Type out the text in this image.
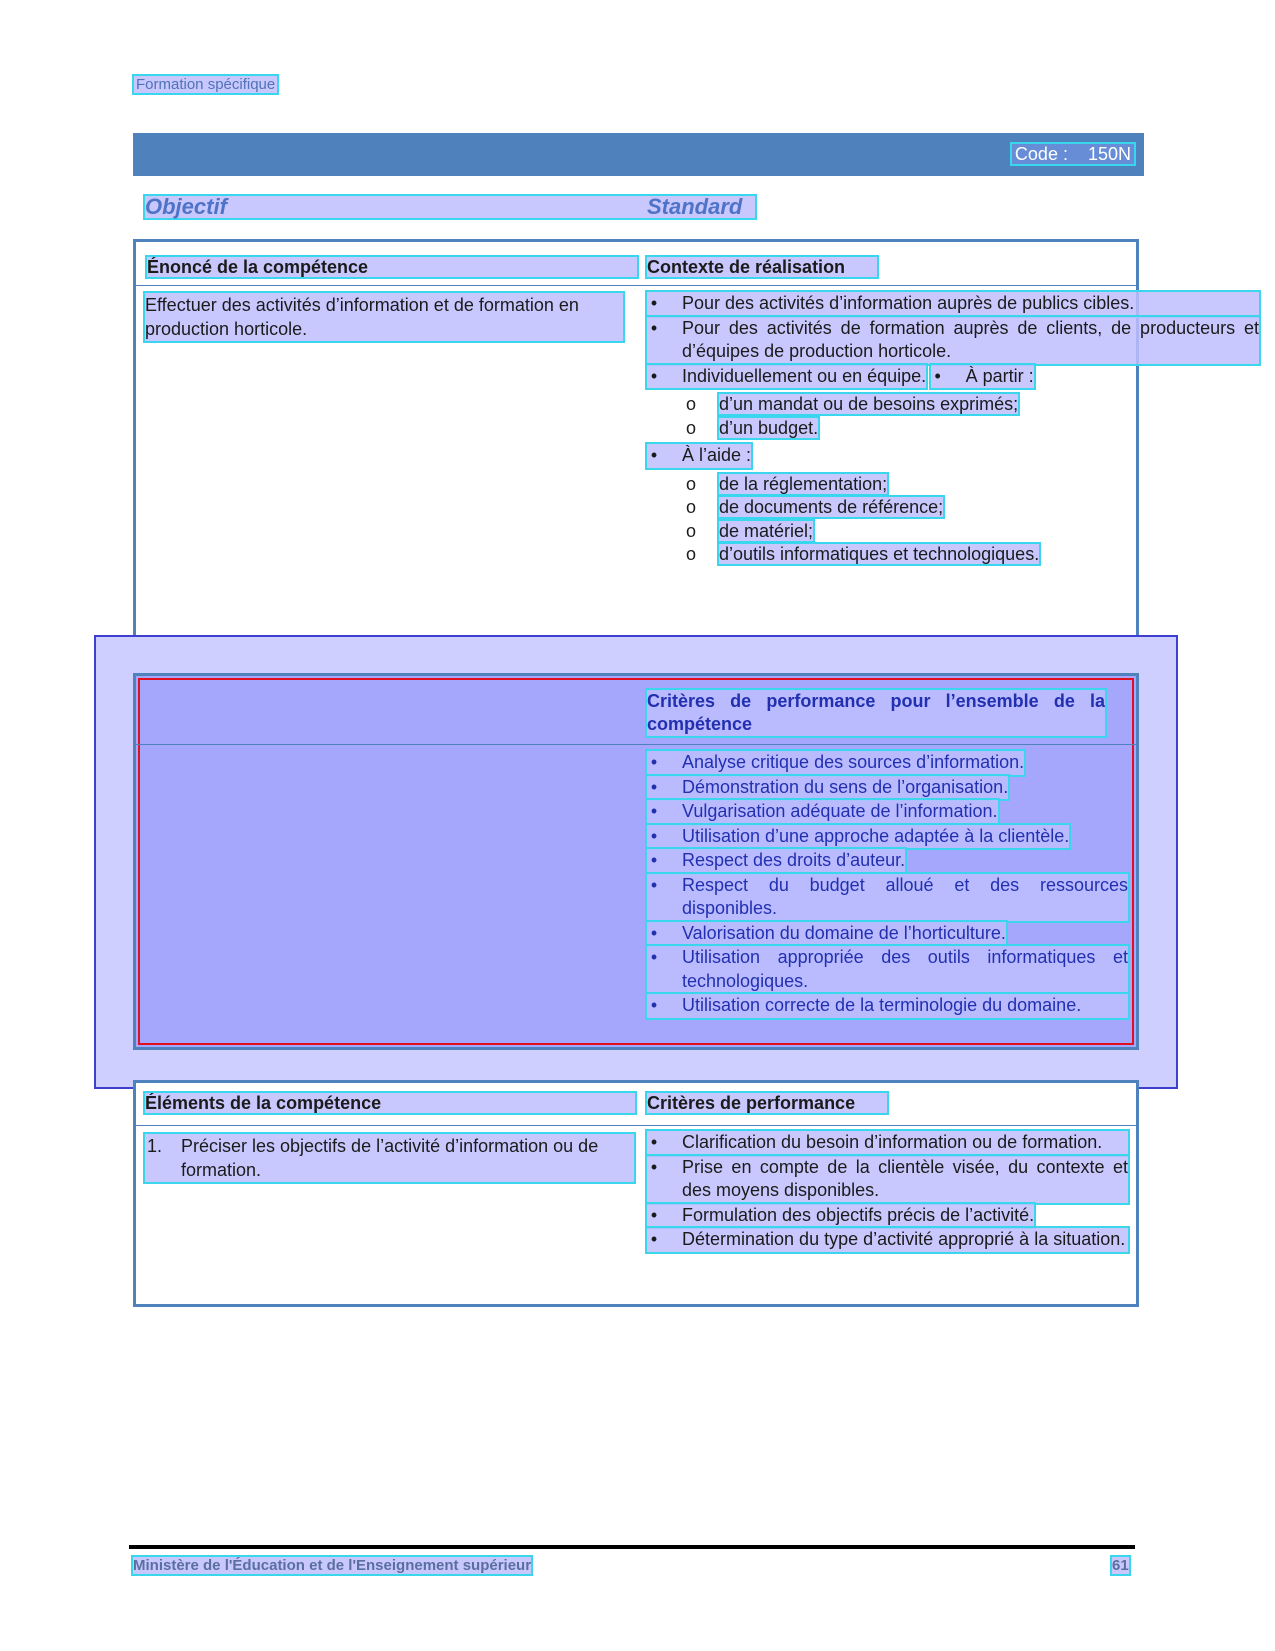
Formation spécifique
Code : 150N
Objectif	Standard
Énoncé de la compétence	Contexte de réalisation
Effectuer des activités d’information et de formation en production horticole.
• Pour des activités d’information auprès de publics cibles.
• Pour des activités de formation auprès de clients, de producteurs et d’équipes de production horticole.
• Individuellement ou en équipe. • À partir :
o d’un mandat ou de besoins exprimés;
o d’un budget.
• À l’aide :
o de la réglementation;
o de documents de référence;
o de matériel;
o d’outils informatiques et technologiques.
Critères de performance pour l’ensemble de la compétence
• Analyse critique des sources d’information.
• Démonstration du sens de l’organisation.
• Vulgarisation adéquate de l’information.
• Utilisation d’une approche adaptée à la clientèle.
• Respect des droits d’auteur.
• Respect du budget alloué et des ressources disponibles.
• Valorisation du domaine de l’horticulture.
• Utilisation appropriée des outils informatiques et technologiques.
• Utilisation correcte de la terminologie du domaine.
Éléments de la compétence	Critères de performance
1.	Préciser les objectifs de l’activité d’information ou de formation.
• Clarification du besoin d’information ou de formation.
• Prise en compte de la clientèle visée, du contexte et des moyens disponibles.
• Formulation des objectifs précis de l’activité.
• Détermination du type d’activité approprié à la situation.
Ministère de l'Éducation et de l'Enseignement supérieur	61
